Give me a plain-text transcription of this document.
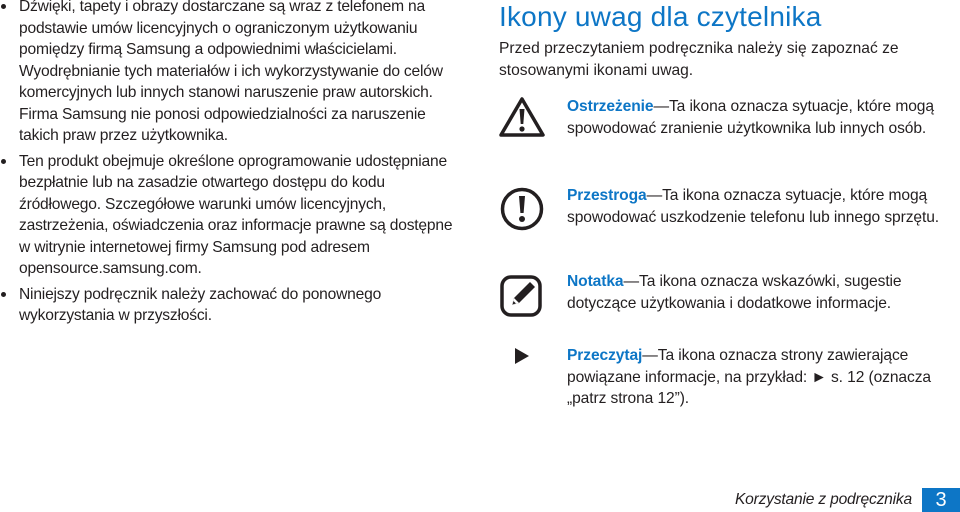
Dźwięki, tapety i obrazy dostarczane są wraz z telefonem na podstawie umów licencyjnych o ograniczonym użytkowaniu pomiędzy firmą Samsung a odpowiednimi właścicielami. Wyodrębnianie tych materiałów i ich wykorzystywanie do celów komercyjnych lub innych stanowi naruszenie praw autorskich. Firma Samsung nie ponosi odpowiedzialności za naruszenie takich praw przez użytkownika.
Ten produkt obejmuje określone oprogramowanie udostępniane bezpłatnie lub na zasadzie otwartego dostępu do kodu źródłowego. Szczegółowe warunki umów licencyjnych, zastrzeżenia, oświadczenia oraz informacje prawne są dostępne w witrynie internetowej firmy Samsung pod adresem opensource.samsung.com.
Niniejszy podręcznik należy zachować do ponownego wykorzystania w przyszłości.
Ikony uwag dla czytelnika

Przed przeczytaniem podręcznika należy się zapoznać ze stosowanymi ikonami uwag.

Ostrzeżenie—Ta ikona oznacza sytuacje, które mogą spowodować zranienie użytkownika lub innych osób.

Przestroga—Ta ikona oznacza sytuacje, które mogą spowodować uszkodzenie telefonu lub innego sprzętu.

Notatka—Ta ikona oznacza wskazówki, sugestie dotyczące użytkowania i dodatkowe informacje.

Przeczytaj—Ta ikona oznacza strony zawierające powiązane informacje, na przykład: ► s. 12 (oznacza „patrz strona 12”).

Korzystanie z podręcznika	3
